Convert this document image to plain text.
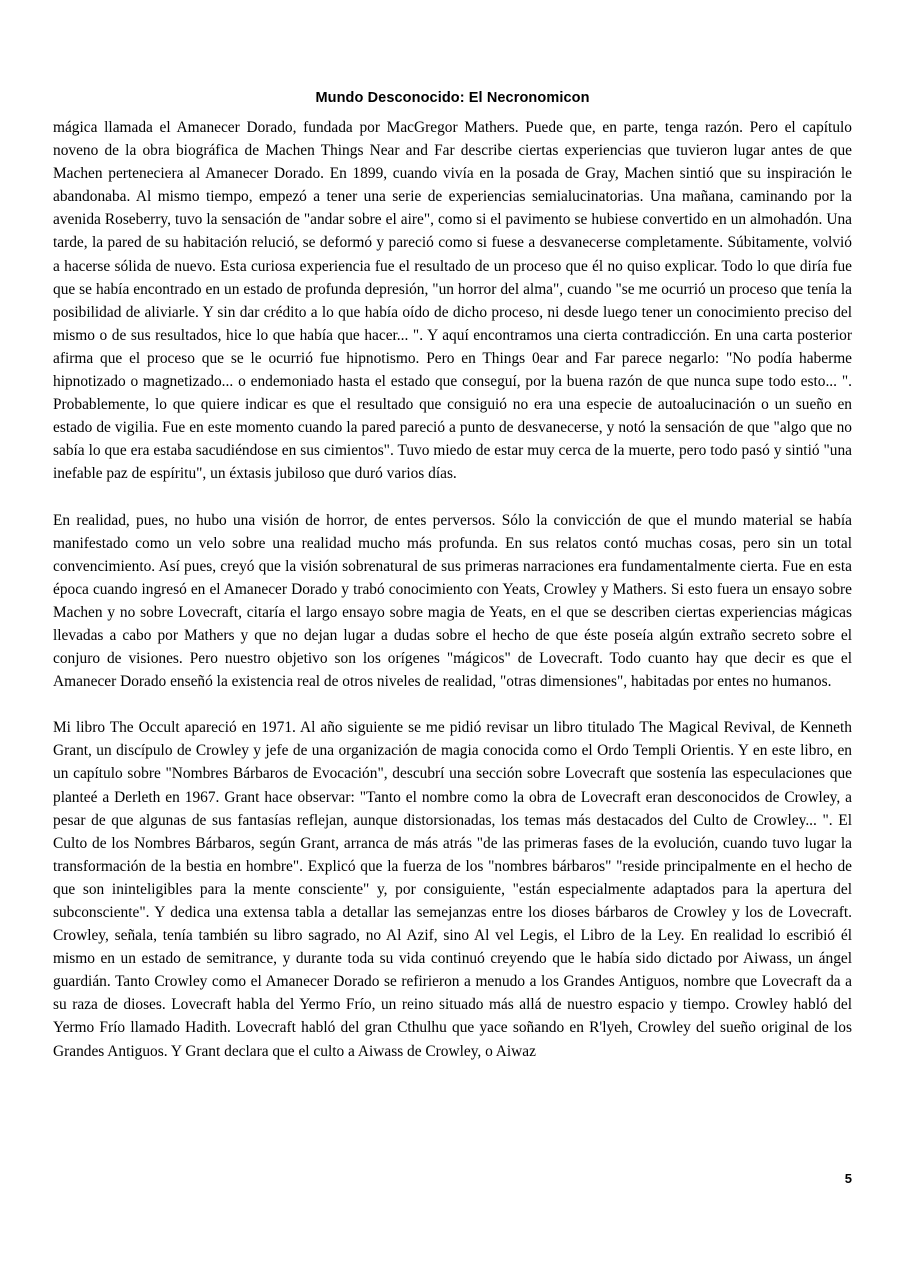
Mundo Desconocido: El Necronomicon

mágica llamada el Amanecer Dorado, fundada por MacGregor Mathers. Puede que, en parte, tenga razón. Pero el capítulo noveno de la obra biográfica de Machen Things Near and Far describe ciertas experiencias que tuvieron lugar antes de que Machen perteneciera al Amanecer Dorado. En 1899, cuando vivía en la posada de Gray, Machen sintió que su inspiración le abandonaba. Al mismo tiempo, empezó a tener una serie de experiencias semialucinatorias. Una mañana, caminando por la avenida Roseberry, tuvo la sensación de "andar sobre el aire", como si el pavimento se hubiese convertido en un almohadón. Una tarde, la pared de su habitación relució, se deformó y pareció como si fuese a desvanecerse completamente. Súbitamente, volvió a hacerse sólida de nuevo. Esta curiosa experiencia fue el resultado de un proceso que él no quiso explicar. Todo lo que diría fue que se había encontrado en un estado de profunda depresión, "un horror del alma", cuando "se me ocurrió un proceso que tenía la posibilidad de aliviarle. Y sin dar crédito a lo que había oído de dicho proceso, ni desde luego tener un conocimiento preciso del mismo o de sus resultados, hice lo que había que hacer... ". Y aquí encontramos una cierta contradicción. En una carta posterior afirma que el proceso que se le ocurrió fue hipnotismo. Pero en Things 0ear and Far parece negarlo: "No podía haberme hipnotizado o magnetizado... o endemoniado hasta el estado que conseguí, por la buena razón de que nunca supe todo esto... ". Probablemente, lo que quiere indicar es que el resultado que consiguió no era una especie de autoalucinación o un sueño en estado de vigilia. Fue en este momento cuando la pared pareció a punto de desvanecerse, y notó la sensación de que "algo que no sabía lo que era estaba sacudiéndose en sus cimientos". Tuvo miedo de estar muy cerca de la muerte, pero todo pasó y sintió "una inefable paz de espíritu", un éxtasis jubiloso que duró varios días.

En realidad, pues, no hubo una visión de horror, de entes perversos. Sólo la convicción de que el mundo material se había manifestado como un velo sobre una realidad mucho más profunda. En sus relatos contó muchas cosas, pero sin un total convencimiento. Así pues, creyó que la visión sobrenatural de sus primeras narraciones era fundamentalmente cierta. Fue en esta época cuando ingresó en el Amanecer Dorado y trabó conocimiento con Yeats, Crowley y Mathers. Si esto fuera un ensayo sobre Machen y no sobre Lovecraft, citaría el largo ensayo sobre magia de Yeats, en el que se describen ciertas experiencias mágicas llevadas a cabo por Mathers y que no dejan lugar a dudas sobre el hecho de que éste poseía algún extraño secreto sobre el conjuro de visiones. Pero nuestro objetivo son los orígenes "mágicos" de Lovecraft. Todo cuanto hay que decir es que el Amanecer Dorado enseñó la existencia real de otros niveles de realidad, "otras dimensiones", habitadas por entes no humanos.

Mi libro The Occult apareció en 1971. Al año siguiente se me pidió revisar un libro titulado The Magical Revival, de Kenneth Grant, un discípulo de Crowley y jefe de una organización de magia conocida como el Ordo Templi Orientis. Y en este libro, en un capítulo sobre "Nombres Bárbaros de Evocación", descubrí una sección sobre Lovecraft que sostenía las especulaciones que planteé a Derleth en 1967. Grant hace observar: "Tanto el nombre como la obra de Lovecraft eran desconocidos de Crowley, a pesar de que algunas de sus fantasías reflejan, aunque distorsionadas, los temas más destacados del Culto de Crowley... ". El Culto de los Nombres Bárbaros, según Grant, arranca de más atrás "de las primeras fases de la evolución, cuando tuvo lugar la transformación de la bestia en hombre". Explicó que la fuerza de los "nombres bárbaros" "reside principalmente en el hecho de que son ininteligibles para la mente consciente" y, por consiguiente, "están especialmente adaptados para la apertura del subconsciente". Y dedica una extensa tabla a detallar las semejanzas entre los dioses bárbaros de Crowley y los de Lovecraft. Crowley, señala, tenía también su libro sagrado, no Al Azif, sino Al vel Legis, el Libro de la Ley. En realidad lo escribió él mismo en un estado de semitrance, y durante toda su vida continuó creyendo que le había sido dictado por Aiwass, un ángel guardián. Tanto Crowley como el Amanecer Dorado se refirieron a menudo a los Grandes Antiguos, nombre que Lovecraft da a su raza de dioses. Lovecraft habla del Yermo Frío, un reino situado más allá de nuestro espacio y tiempo. Crowley habló del Yermo Frío llamado Hadith. Lovecraft habló del gran Cthulhu que yace soñando en R'lyeh, Crowley del sueño original de los Grandes Antiguos. Y Grant declara que el culto a Aiwass de Crowley, o Aiwaz

5
